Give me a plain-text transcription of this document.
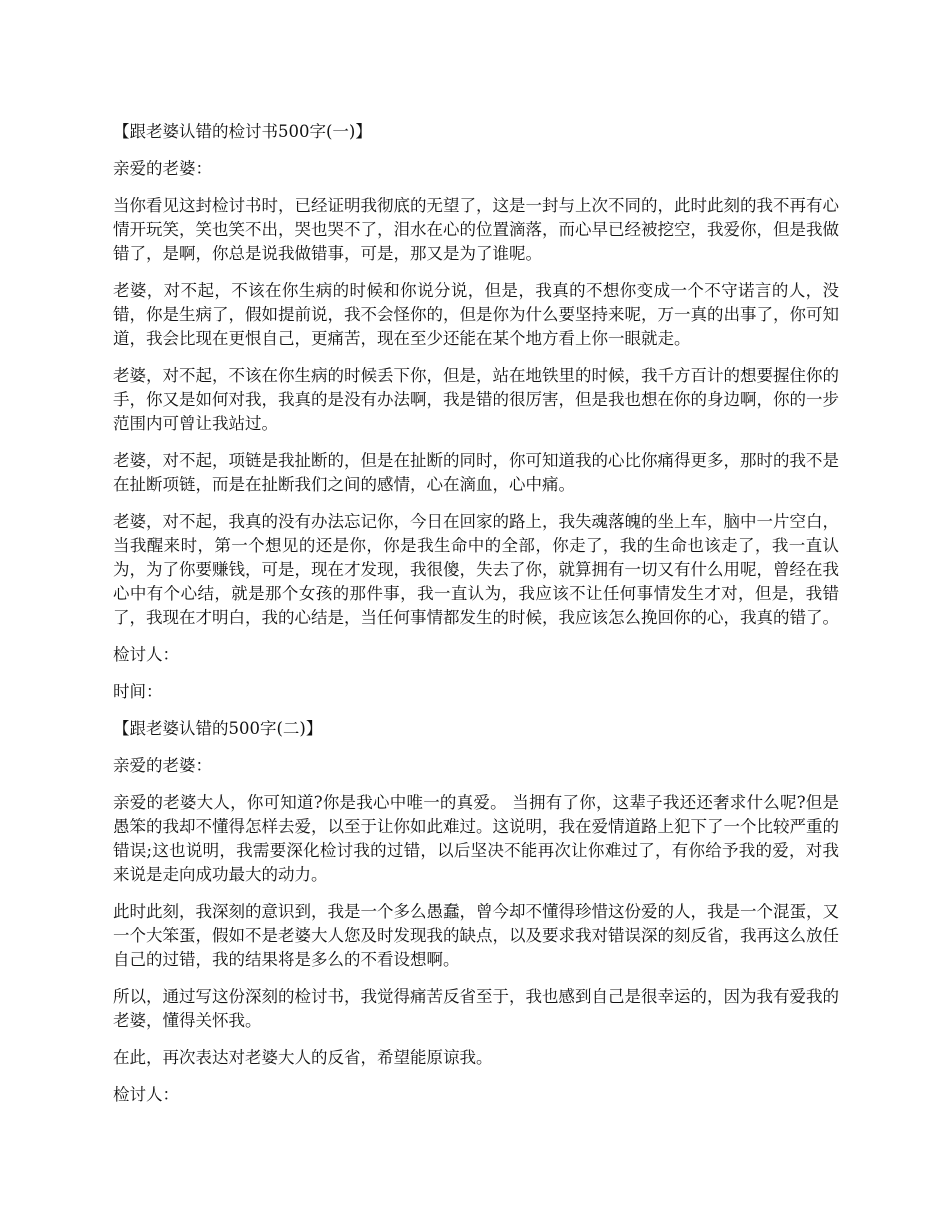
【跟老婆认错的检讨书500字(一)】

亲爱的老婆：

当你看见这封检讨书时，已经证明我彻底的无望了，这是一封与上次不同的，此时此刻的我不再有心情开玩笑，笑也笑不出，哭也哭不了，泪水在心的位置滴落，而心早已经被挖空，我爱你，但是我做错了，是啊，你总是说我做错事，可是，那又是为了谁呢。

老婆，对不起，不该在你生病的时候和你说分说，但是，我真的不想你变成一个不守诺言的人，没错，你是生病了，假如提前说，我不会怪你的，但是你为什么要坚持来呢，万一真的出事了，你可知道，我会比现在更恨自己，更痛苦，现在至少还能在某个地方看上你一眼就走。

老婆，对不起，不该在你生病的时候丢下你，但是，站在地铁里的时候，我千方百计的想要握住你的手，你又是如何对我，我真的是没有办法啊，我是错的很厉害，但是我也想在你的身边啊，你的一步范围内可曾让我站过。

老婆，对不起，项链是我扯断的，但是在扯断的同时，你可知道我的心比你痛得更多，那时的我不是在扯断项链，而是在扯断我们之间的感情，心在滴血，心中痛。

老婆，对不起，我真的没有办法忘记你，今日在回家的路上，我失魂落魄的坐上车，脑中一片空白，当我醒来时，第一个想见的还是你，你是我生命中的全部，你走了，我的生命也该走了，我一直认为，为了你要赚钱，可是，现在才发现，我很傻，失去了你，就算拥有一切又有什么用呢，曾经在我心中有个心结，就是那个女孩的那件事，我一直认为，我应该不让任何事情发生才对，但是，我错了，我现在才明白，我的心结是，当任何事情都发生的时候，我应该怎么挽回你的心，我真的错了。

检讨人：

时间：

【跟老婆认错的500字(二)】

亲爱的老婆：

亲爱的老婆大人，你可知道?你是我心中唯一的真爱。 当拥有了你，这辈子我还还奢求什么呢?但是愚笨的我却不懂得怎样去爱，以至于让你如此难过。这说明，我在爱情道路上犯下了一个比较严重的错误;这也说明，我需要深化检讨我的过错，以后坚决不能再次让你难过了，有你给予我的爱，对我来说是走向成功最大的动力。

此时此刻，我深刻的意识到，我是一个多么愚蠢，曾今却不懂得珍惜这份爱的人，我是一个混蛋，又一个大笨蛋，假如不是老婆大人您及时发现我的缺点，以及要求我对错误深的刻反省，我再这么放任自己的过错，我的结果将是多么的不看设想啊。

所以，通过写这份深刻的检讨书，我觉得痛苦反省至于，我也感到自己是很幸运的，因为我有爱我的老婆，懂得关怀我。

在此，再次表达对老婆大人的反省，希望能原谅我。

检讨人：
